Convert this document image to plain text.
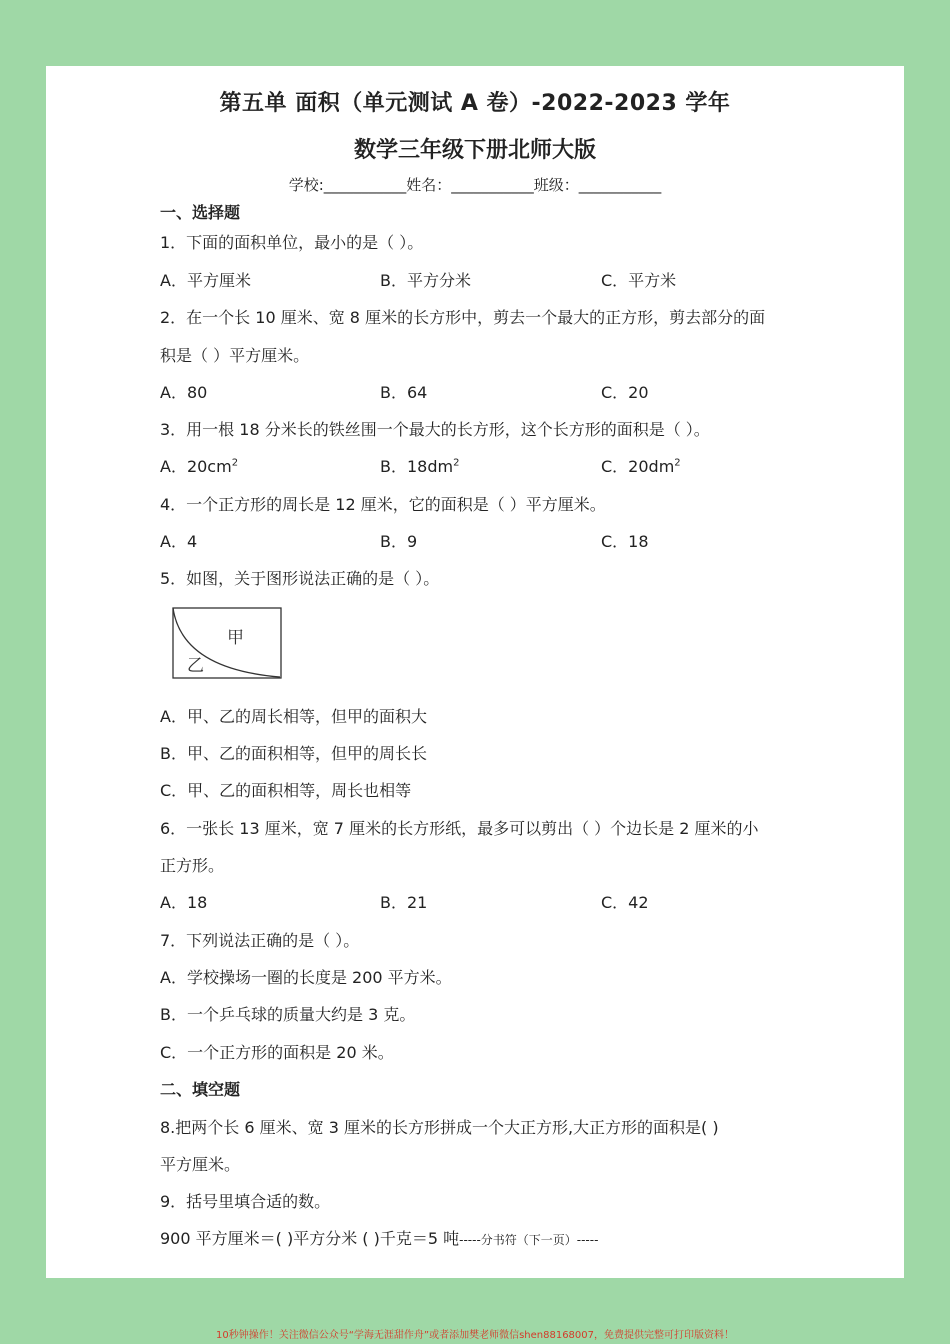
第五单 面积（单元测试 A 卷）-2022-2023 学年
数学三年级下册北师大版
学校:___________姓名：___________班级：___________
一、选择题
1．下面的面积单位，最小的是（ ）。
A．平方厘米	B．平方分米	C．平方米
2．在一个长 10 厘米、宽 8 厘米的长方形中，剪去一个最大的正方形，剪去部分的面
积是（ ）平方厘米。
A．80	B．64	C．20
3．用一根 18 分米长的铁丝围一个最大的长方形，这个长方形的面积是（ ）。
A．$20cm^2$	B．$18dm^2$	C．$20dm^2$
4．一个正方形的周长是 12 厘米，它的面积是（ ）平方厘米。
A．4	B．9	C．18
5．如图，关于图形说法正确的是（ ）。
甲
乙
A．甲、乙的周长相等，但甲的面积大
B．甲、乙的面积相等，但甲的周长长
C．甲、乙的面积相等，周长也相等
6．一张长 13 厘米，宽 7 厘米的长方形纸，最多可以剪出（ ）个边长是 2 厘米的小
正方形。
A．18	B．21	C．42
7．下列说法正确的是（ ）。
A．学校操场一圈的长度是 200 平方米。
B．一个乒乓球的质量大约是 3 克。
C．一个正方形的面积是 20 米。
二、填空题
8.把两个长 6 厘米、宽 3 厘米的长方形拼成一个大正方形,大正方形的面积是( )
平方厘米。
9．括号里填合适的数。
900 平方厘米＝( )平方分米 ( )千克＝5 吨-----分书符（下一页）-----
10秒钟操作！关注微信公众号“学海无涯甜作舟”或者添加樊老师微信shen88168007，免费提供完整可打印版资料！
